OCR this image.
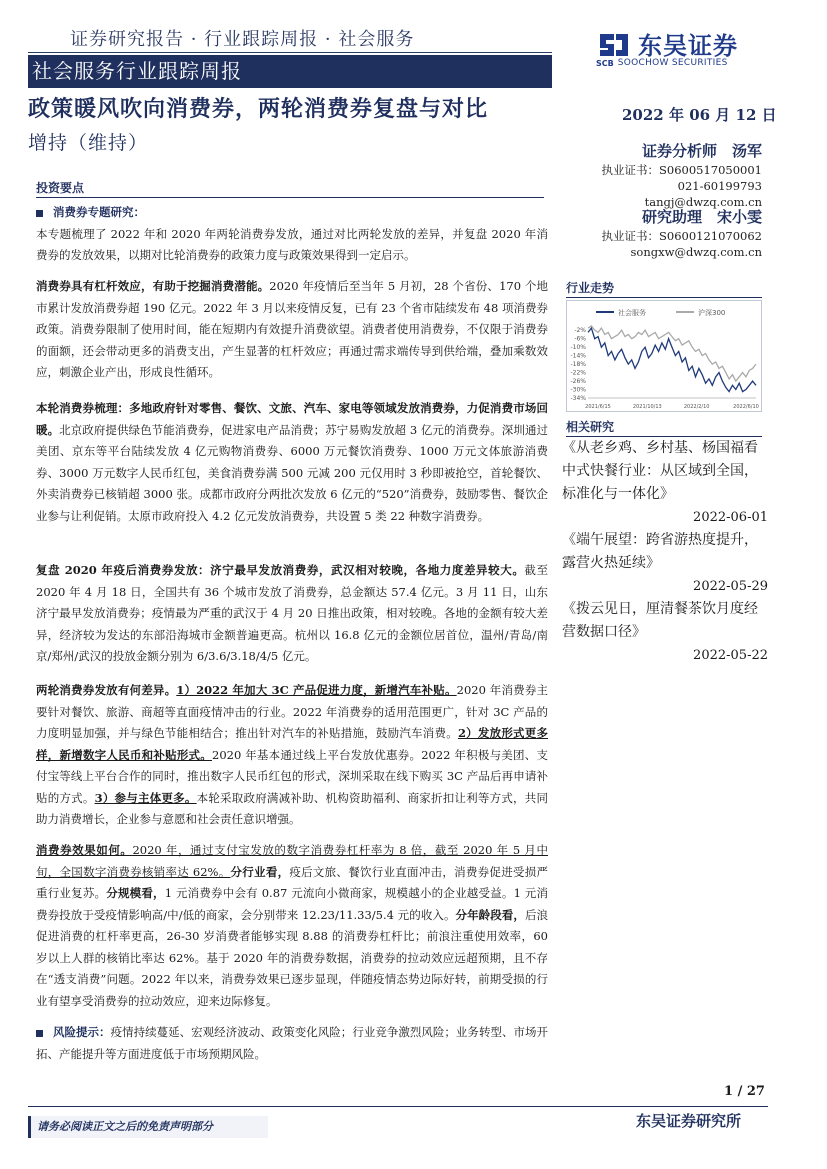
证券研究报告 · 行业跟踪周报 · 社会服务
社会服务行业跟踪周报
东吴证券
SCB SOOCHOW SECURITIES
政策暖风吹向消费券，两轮消费券复盘与对比
增持（维持）
2022 年 06 月 12 日
证券分析师　汤军
执业证书：S0600517050001
021-60199793
tangj@dwzq.com.cn
研究助理　宋小雯
执业证书：S0600121070062
songxw@dwzq.com.cn
投资要点
消费券专题研究：
本专题梳理了 2022 年和 2020 年两轮消费券发放，通过对比两轮发放的差异，并复盘 2020 年消费券的发放效果，以期对比轮消费券的政策力度与政策效果得到一定启示。
消费券具有杠杆效应，有助于挖掘消费潜能。2020 年疫情后至当年 5 月初，28 个省份、170 个地市累计发放消费券超 190 亿元。2022 年 3 月以来疫情反复，已有 23 个省市陆续发布 48 项消费券政策。消费券限制了使用时间，能在短期内有效提升消费欲望。消费者使用消费券，不仅限于消费券的面额，还会带动更多的消费支出，产生显著的杠杆效应；再通过需求端传导到供给端，叠加乘数效应，刺激企业产出，形成良性循环。
本轮消费券梳理：多地政府针对零售、餐饮、文旅、汽车、家电等领域发放消费券，力促消费市场回暖。北京政府提供绿色节能消费券，促进家电产品消费；苏宁易购发放超 3 亿元的消费券。深圳通过美团、京东等平台陆续发放 4 亿元购物消费券、6000 万元餐饮消费券、1000 万元文体旅游消费券、3000 万元数字人民币红包，美食消费券满 500 元减 200 元仅用时 3 秒即被抢空，首轮餐饮、外卖消费券已核销超 3000 张。成都市政府分两批次发放 6 亿元的“520”消费券，鼓励零售、餐饮企业参与让利促销。太原市政府投入 4.2 亿元发放消费券，共设置 5 类 22 种数字消费券。
复盘 2020 年疫后消费券发放：济宁最早发放消费券，武汉相对较晚，各地力度差异较大。截至 2020 年 4 月 18 日，全国共有 36 个城市发放了消费券，总金额达 57.4 亿元。3 月 11 日，山东济宁最早发放消费券；疫情最为严重的武汉于 4 月 20 日推出政策，相对较晚。各地的金额有较大差异，经济较为发达的东部沿海城市金额普遍更高。杭州以 16.8 亿元的金额位居首位，温州/青岛/南京/郑州/武汉的投放金额分别为 6/3.6/3.18/4/5 亿元。
两轮消费券发放有何差异。1）2022 年加大 3C 产品促进力度，新增汽车补贴。2020 年消费券主要针对餐饮、旅游、商超等直面疫情冲击的行业。2022 年消费券的适用范围更广，针对 3C 产品的力度明显加强，并与绿色节能相结合；推出针对汽车的补贴措施，鼓励汽车消费。2）发放形式更多样，新增数字人民币和补贴形式。2020 年基本通过线上平台发放优惠券。2022 年积极与美团、支付宝等线上平台合作的同时，推出数字人民币红包的形式，深圳采取在线下购买 3C 产品后再申请补贴的方式。3）参与主体更多。本轮采取政府满减补助、机构资助福利、商家折扣让利等方式，共同助力消费增长，企业参与意愿和社会责任意识增强。
消费券效果如何。2020 年，通过支付宝发放的数字消费券杠杆率为 8 倍，截至 2020 年 5 月中旬，全国数字消费券核销率达 62%。分行业看，疫后文旅、餐饮行业直面冲击，消费券促进受损严重行业复苏。分规模看，1 元消费券中会有 0.87 元流向小微商家，规模越小的企业越受益。1 元消费券投放于受疫情影响高/中/低的商家，会分别带来 12.23/11.33/5.4 元的收入。分年龄段看，后浪促进消费的杠杆率更高，26-30 岁消费者能够实现 8.88 的消费券杠杆比；前浪注重使用效率，60 岁以上人群的核销比率达 62%。基于 2020 年的消费券数据，消费券的拉动效应远超预期，且不存在“透支消费”问题。2022 年以来，消费券效果已逐步显现，伴随疫情态势边际好转，前期受损的行业有望享受消费券的拉动效应，迎来边际修复。
风险提示：疫情持续蔓延、宏观经济波动、政策变化风险；行业竞争激烈风险；业务转型、市场开拓、产能提升等方面进度低于市场预期风险。
行业走势
社会服务	沪深300
-2%
-6%
-10%
-14%
-18%
-22%
-26%
-30%
-34%
2021/6/15	2021/10/13	2022/2/10	2022/6/10
相关研究
《从老乡鸡、乡村基、杨国福看中式快餐行业：从区域到全国，标准化与一体化》
2022-06-01
《端午展望：跨省游热度提升，露营火热延续》
2022-05-29
《拨云见日，厘清餐茶饮月度经营数据口径》
2022-05-22
1 / 27
请务必阅读正文之后的免责声明部分	东吴证券研究所
